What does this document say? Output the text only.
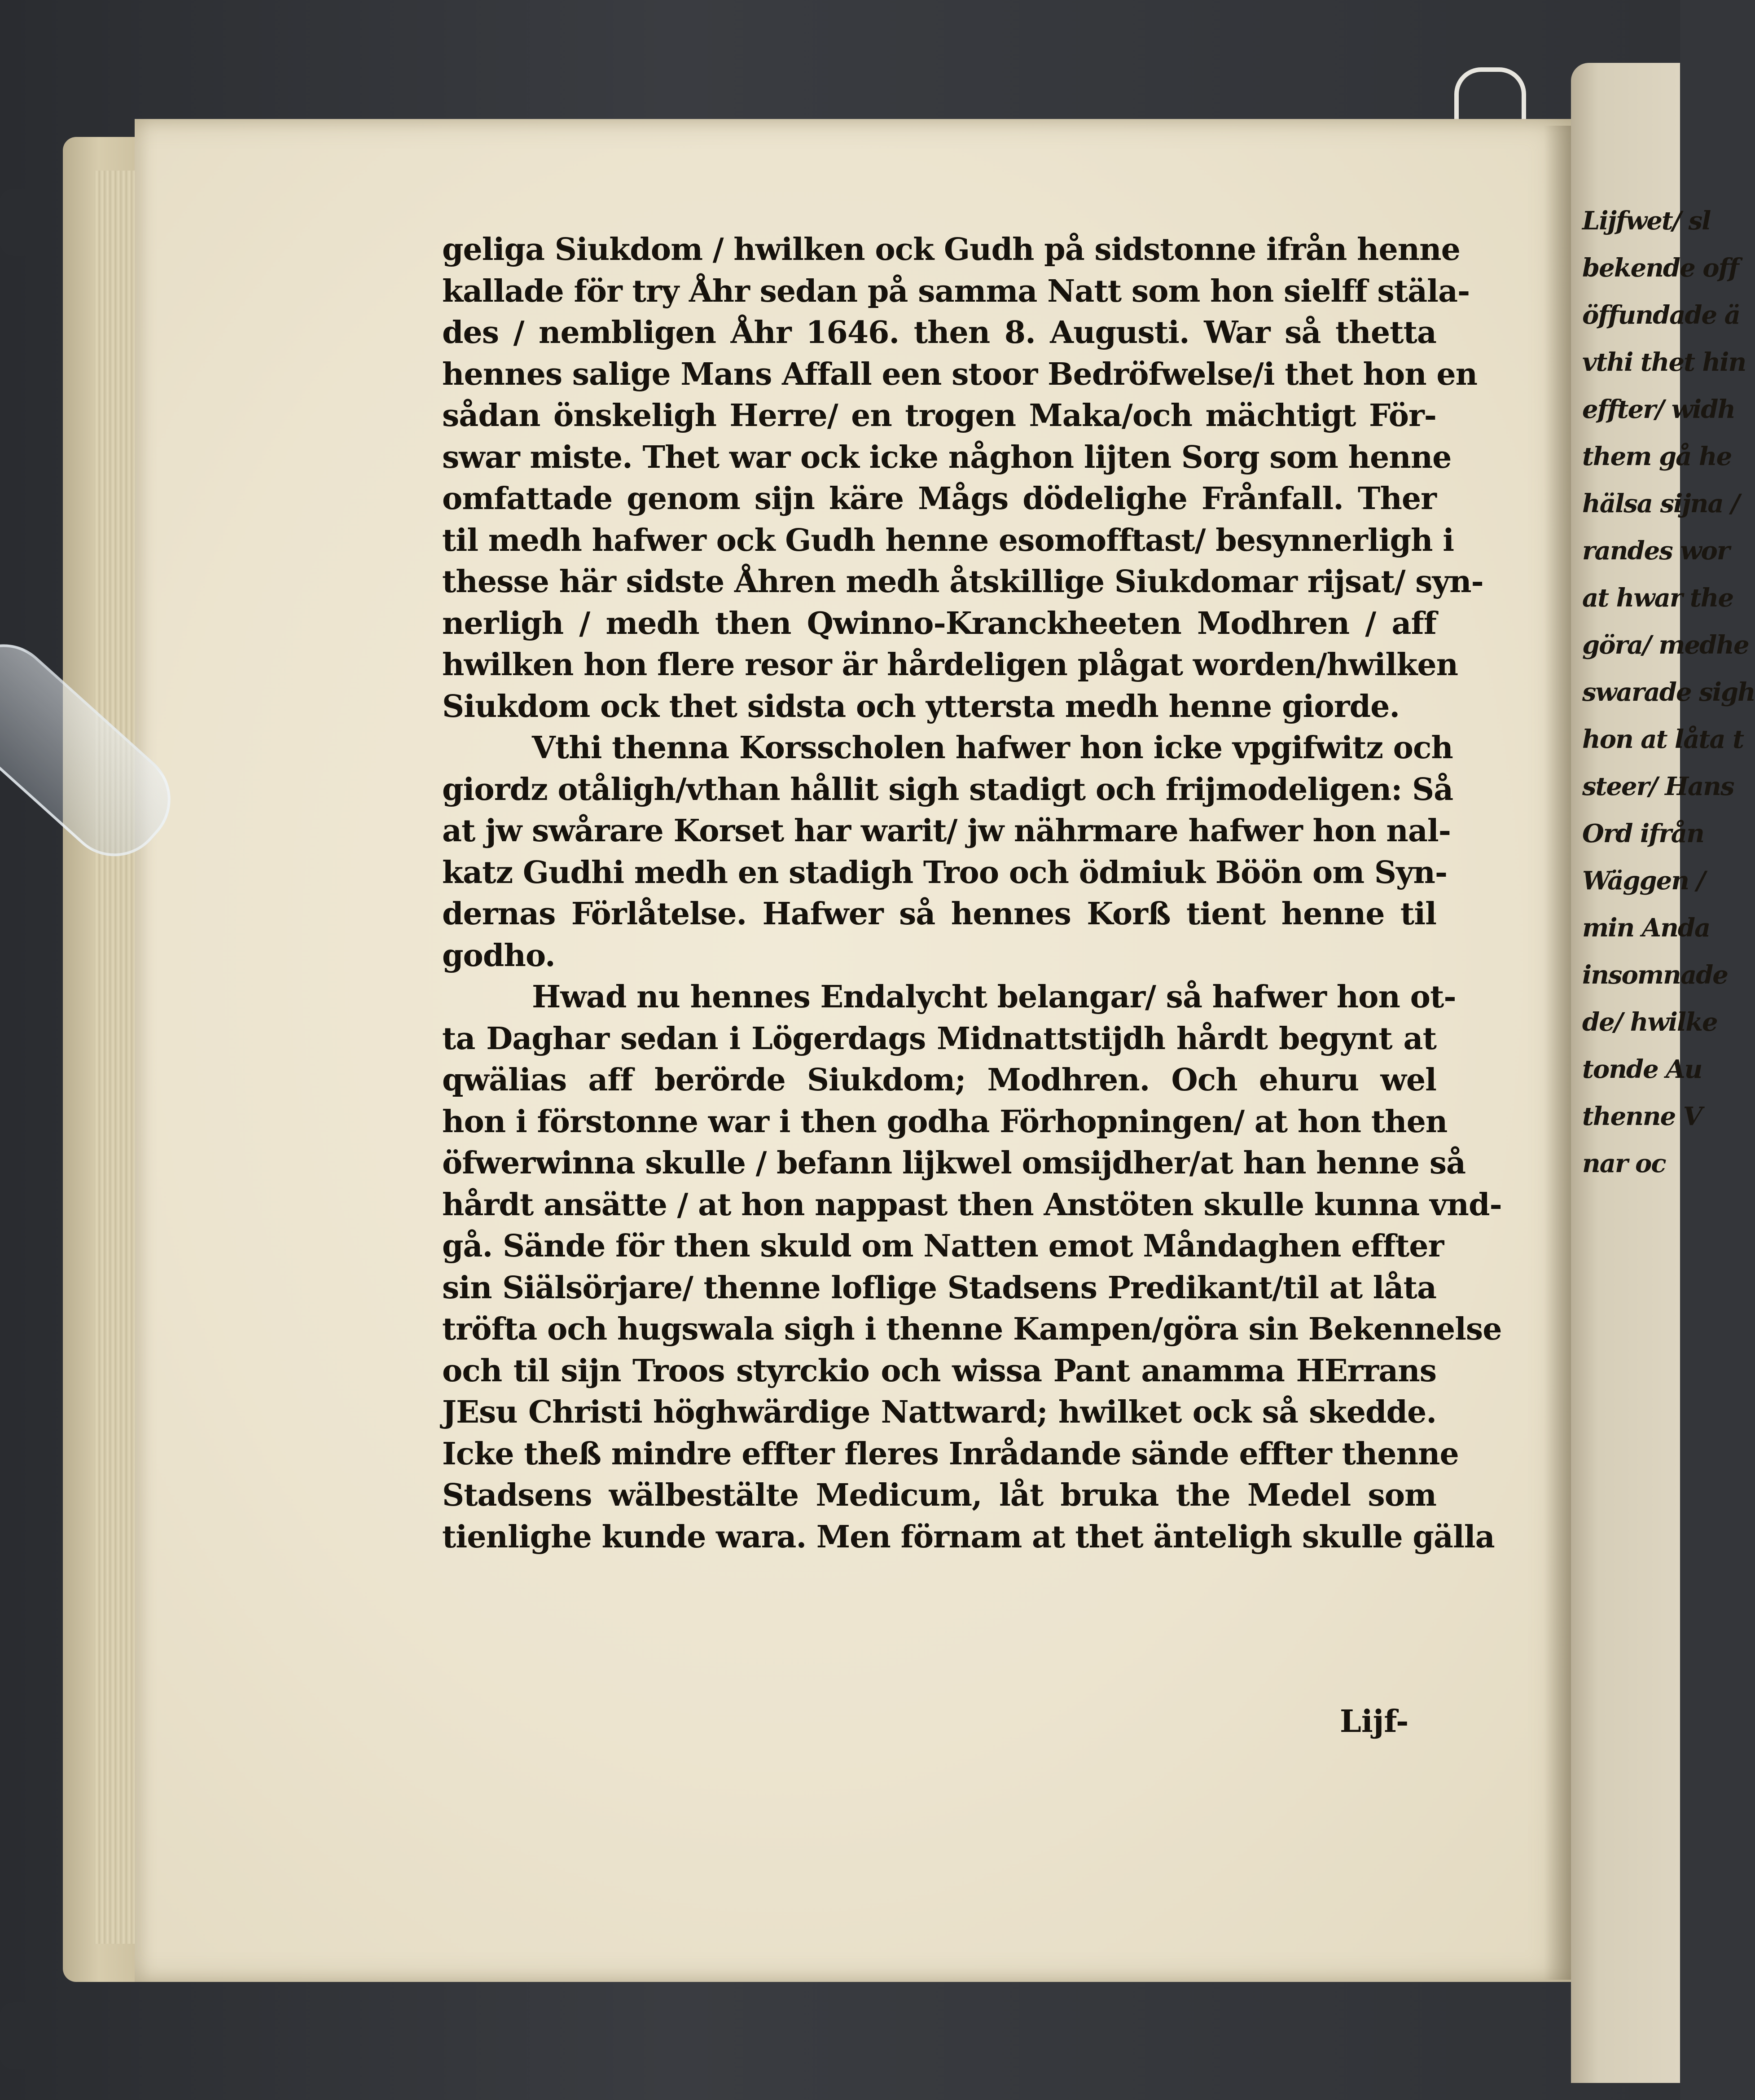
Lijfwet/ sl
bekende off
öffundade ä
vthi thet hin
effter/ widh
them gå he
hälsa sijna /
randes wor
at hwar the
göra/ medhe
swarade sigh
hon at låta t
steer/ Hans
Ord ifrån
Wäggen /
min Anda
insomnade
de/ hwilke
tonde Au
thenne V
nar oc
geliga Siukdom / hwilken ock Gudh på sidstonne ifrån henne
kallade för try Åhr sedan på samma Natt som hon sielff stäla-
des / nembligen Åhr 1646. then 8. Augusti. War så thetta
hennes salige Mans Affall een stoor Bedröfwelse/i thet hon en
sådan önskeligh Herre/ en trogen Maka/och mächtigt För-
swar miste. Thet war ock icke någhon lijten Sorg som henne
omfattade genom sijn käre Mågs dödelighe Frånfall. Ther
til medh hafwer ock Gudh henne esomofftast/ besynnerligh i
thesse här sidste Åhren medh åtskillige Siukdomar rijsat/ syn-
nerligh / medh then Qwinno-Kranckheeten Modhren / aff
hwilken hon flere resor är hårdeligen plågat worden/hwilken
Siukdom ock thet sidsta och yttersta medh henne giorde.
Vthi thenna Korsscholen hafwer hon icke vpgifwitz och
giordz otåligh/vthan hållit sigh stadigt och frijmodeligen: Så
at jw swårare Korset har warit/ jw nährmare hafwer hon nal-
katz Gudhi medh en stadigh Troo och ödmiuk Böön om Syn-
dernas Förlåtelse. Hafwer så hennes Korß tient henne til
godho.
Hwad nu hennes Endalycht belangar/ så hafwer hon ot-
ta Daghar sedan i Lögerdags Midnattstijdh hårdt begynt at
qwälias aff berörde Siukdom; Modhren. Och ehuru wel
hon i förstonne war i then godha Förhopningen/ at hon then
öfwerwinna skulle / befann lijkwel omsijdher/at han henne så
hårdt ansätte / at hon nappast then Anstöten skulle kunna vnd-
gå. Sände för then skuld om Natten emot Måndaghen effter
sin Siälsörjare/ thenne loflige Stadsens Predikant/til at låta
tröfta och hugswala sigh i thenne Kampen/göra sin Bekennelse
och til sijn Troos styrckio och wissa Pant anamma HErrans
JEsu Christi höghwärdige Nattward; hwilket ock så skedde.
Icke theß mindre effter fleres Inrådande sände effter thenne
Stadsens wälbestälte Medicum, låt bruka the Medel som
tienlighe kunde wara. Men förnam at thet änteligh skulle gälla
Lijf-
